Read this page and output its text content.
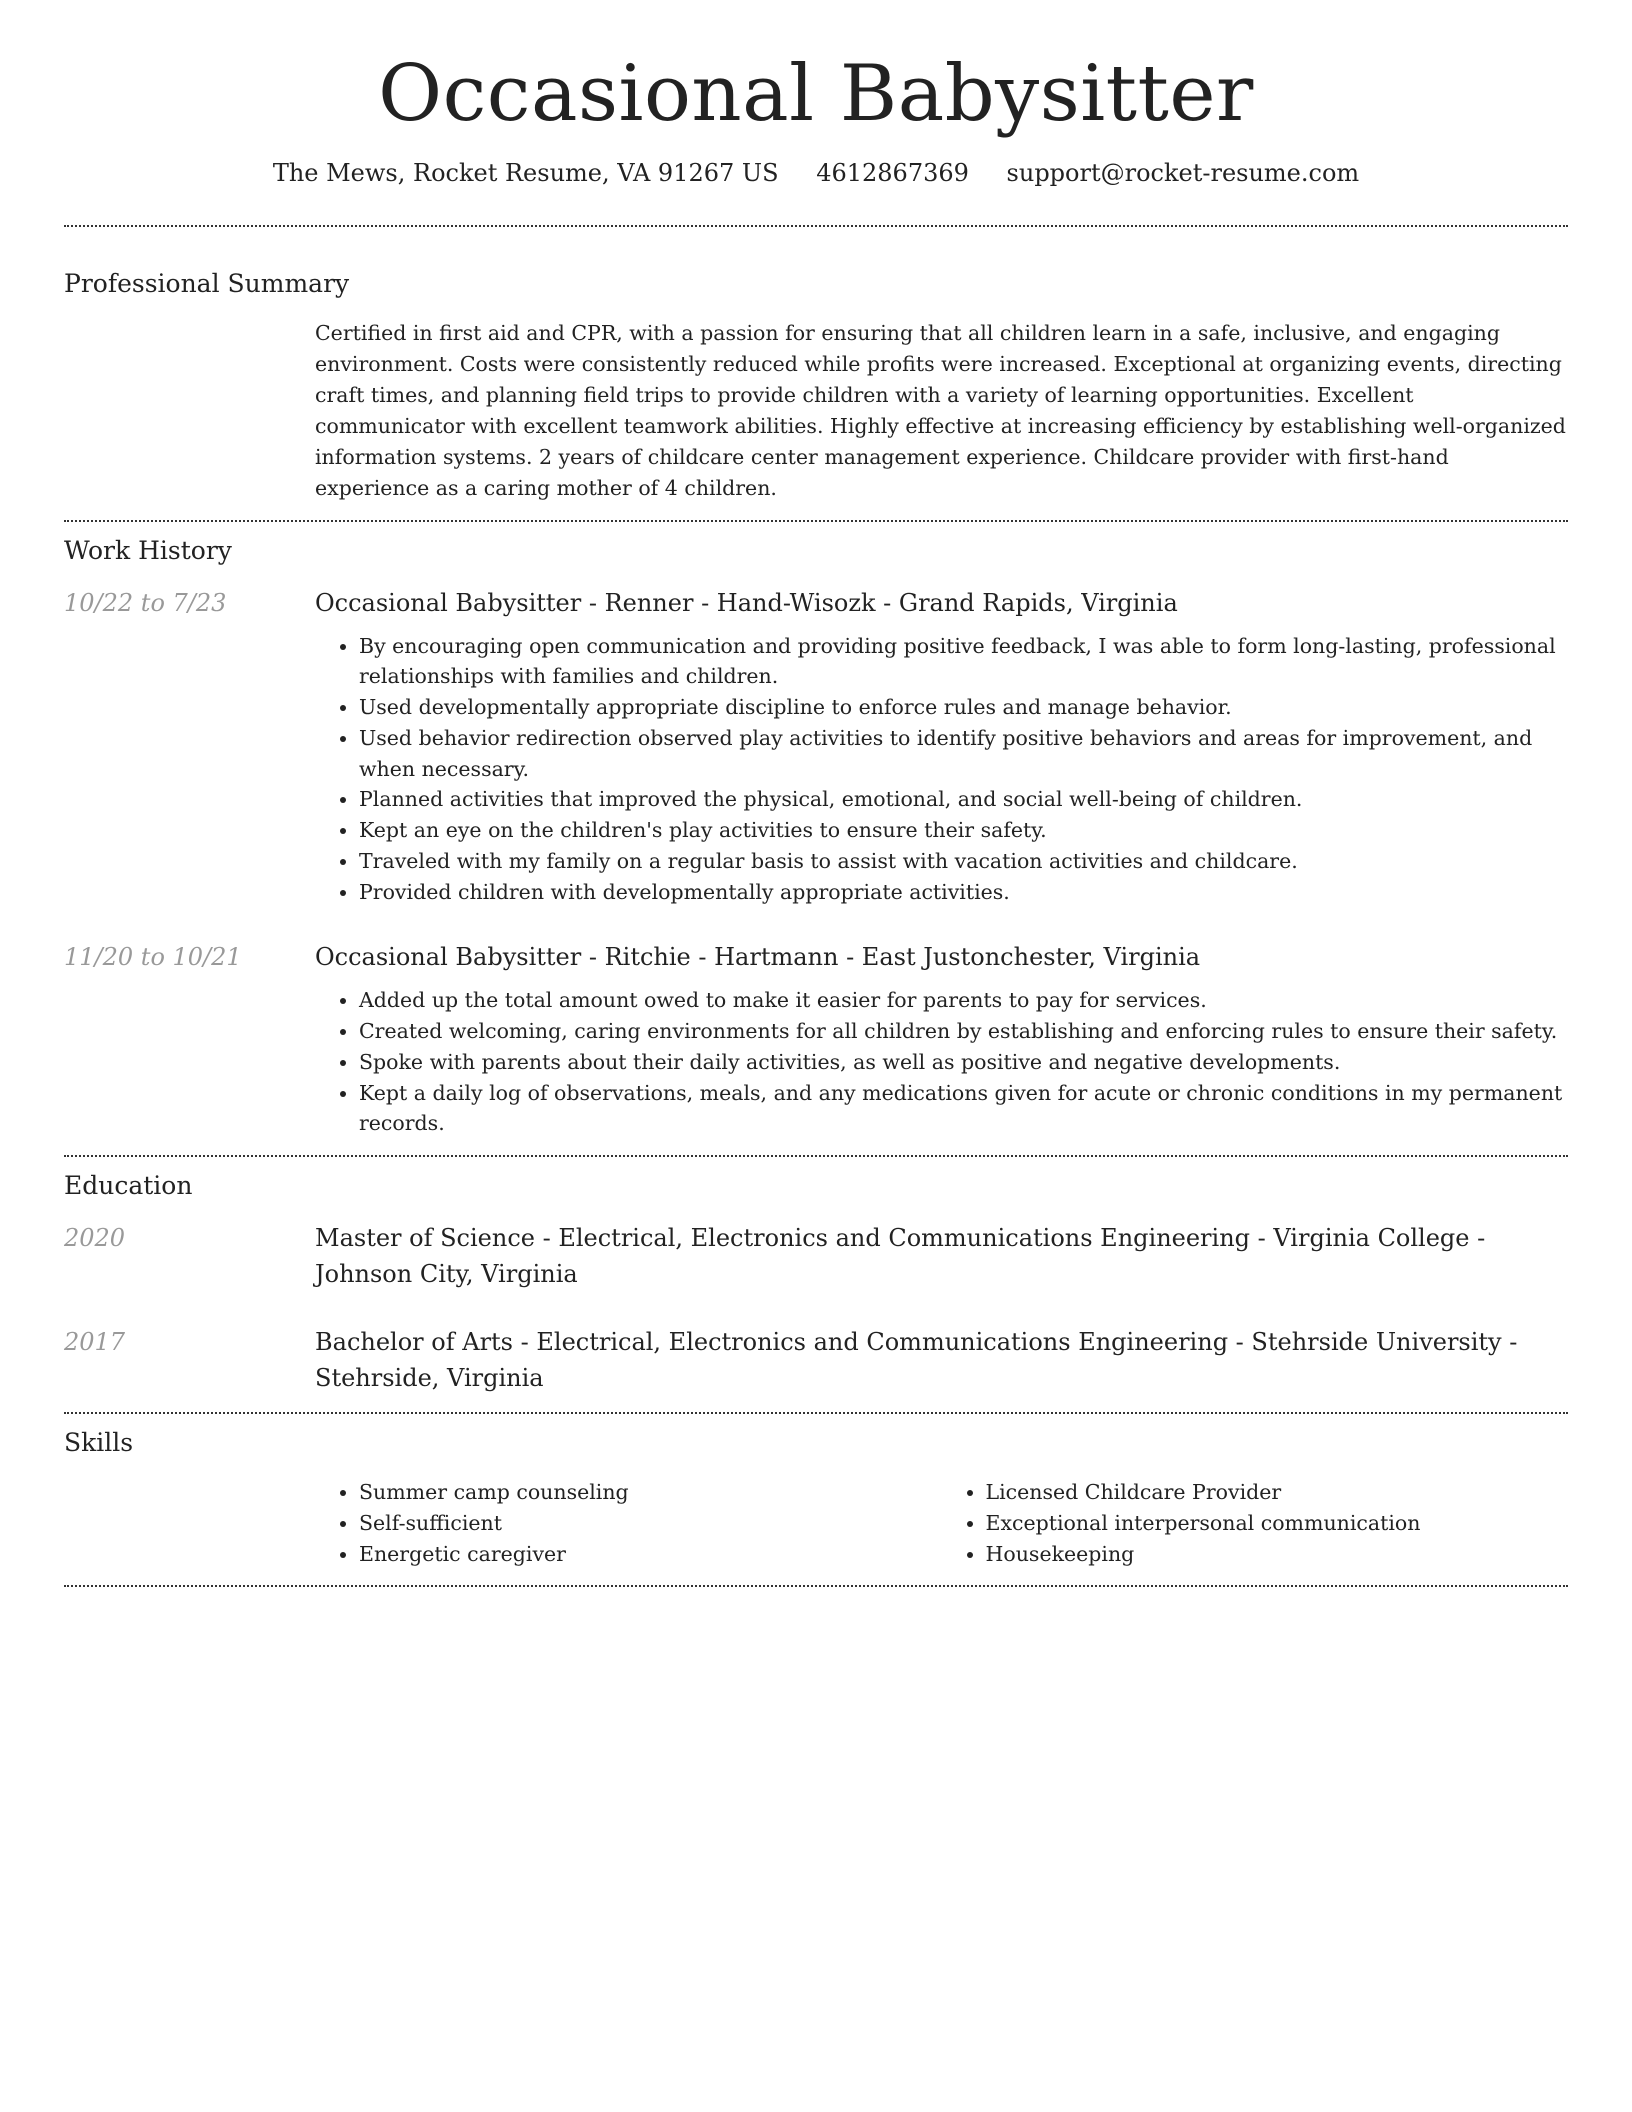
Occasional Babysitter
The Mews, Rocket Resume, VA 91267 US 4612867369 support@rocket-resume.com
Professional Summary

Certified in first aid and CPR, with a passion for ensuring that all children learn in a safe, inclusive, and engaging environment. Costs were consistently reduced while profits were increased. Exceptional at organizing events, directing craft times, and planning field trips to provide children with a variety of learning opportunities. Excellent communicator with excellent teamwork abilities. Highly effective at increasing efficiency by establishing well-organized information systems. 2 years of childcare center management experience. Childcare provider with first-hand experience as a caring mother of 4 children.

Work History
10/22 to 7/23	Occasional Babysitter - Renner - Hand-Wisozk - Grand Rapids, Virginia
• By encouraging open communication and providing positive feedback, I was able to form long-lasting, professional relationships with families and children.
• Used developmentally appropriate discipline to enforce rules and manage behavior.
• Used behavior redirection observed play activities to identify positive behaviors and areas for improvement, and when necessary.
• Planned activities that improved the physical, emotional, and social well-being of children.
• Kept an eye on the children's play activities to ensure their safety.
• Traveled with my family on a regular basis to assist with vacation activities and childcare.
• Provided children with developmentally appropriate activities.
11/20 to 10/21	Occasional Babysitter - Ritchie - Hartmann - East Justonchester, Virginia
• Added up the total amount owed to make it easier for parents to pay for services.
• Created welcoming, caring environments for all children by establishing and enforcing rules to ensure their safety.
• Spoke with parents about their daily activities, as well as positive and negative developments.
• Kept a daily log of observations, meals, and any medications given for acute or chronic conditions in my permanent records.
Education
2020	Master of Science - Electrical, Electronics and Communications Engineering - Virginia College - Johnson City, Virginia
2017	Bachelor of Arts - Electrical, Electronics and Communications Engineering - Stehrside University - Stehrside, Virginia
Skills
• Summer camp counseling
• Self-sufficient
• Energetic caregiver
• Licensed Childcare Provider
• Exceptional interpersonal communication
• Housekeeping
